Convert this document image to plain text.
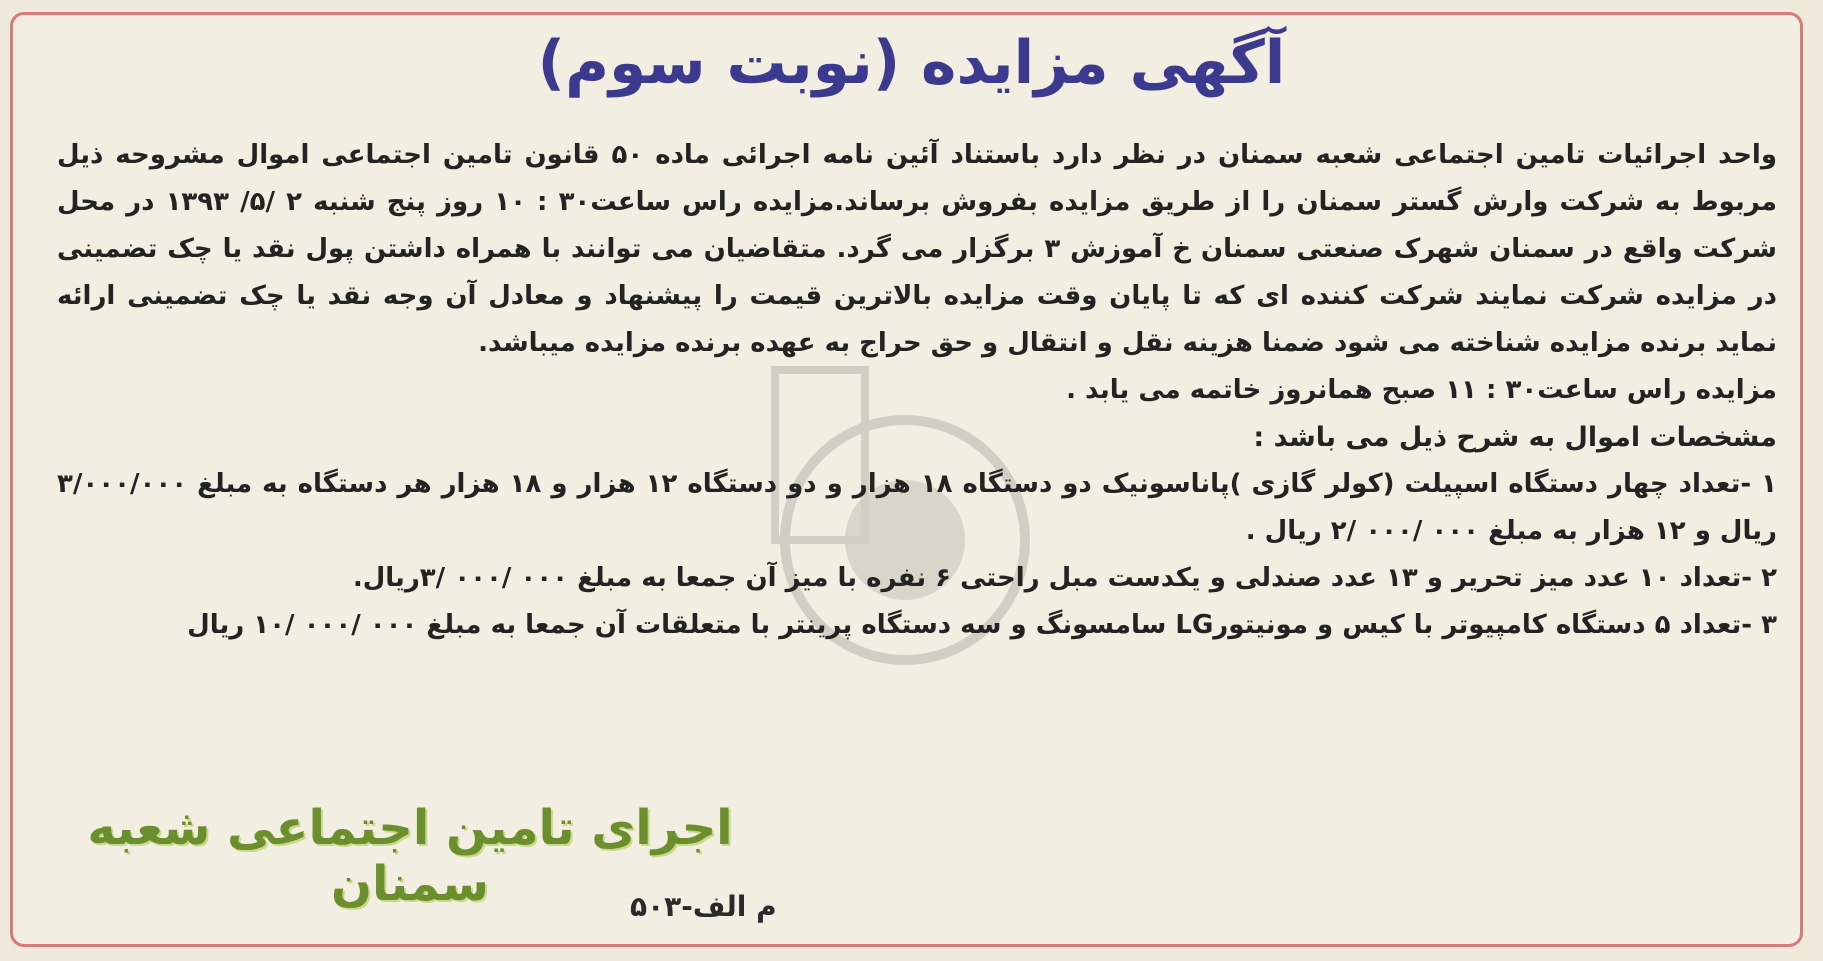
آگهی مزایده (نوبت سوم)

واحد اجرائیات تامین اجتماعی شعبه سمنان در نظر دارد باستناد آئین نامه اجرائی ماده ۵۰ قانون تامین اجتماعی اموال مشروحه ذیل مربوط به شرکت وارش گستر سمنان را از طریق مزایده بفروش برساند.مزایده راس ساعت۳۰ : ۱۰ روز پنج شنبه ۲ /۵/ ۱۳۹۳ در محل شرکت واقع در سمنان شهرک صنعتی سمنان خ آموزش ۳ برگزار می گرد. متقاضیان می توانند با همراه داشتن پول نقد یا چک تضمینی در مزایده شرکت نمایند شرکت کننده ای که تا پایان وقت مزایده بالاترین قیمت را پیشنهاد و معادل آن وجه نقد یا چک تضمینی ارائه نماید برنده مزایده شناخته می شود ضمنا هزینه نقل و انتقال و حق حراج به عهده برنده مزایده میباشد.

مزایده راس ساعت۳۰ : ۱۱ صبح همانروز خاتمه می یابد .

مشخصات اموال به شرح ذیل می باشد :

۱ -تعداد چهار دستگاه اسپیلت (کولر گازی )پاناسونیک دو دستگاه ۱۸ هزار و دو دستگاه ۱۲ هزار و ۱۸ هزار هر دستگاه به مبلغ ۳/۰۰۰/۰۰۰ ریال و ۱۲ هزار به مبلغ ۰۰۰ /۰۰۰ /۲ ریال .

۲ -تعداد ۱۰ عدد میز تحریر و ۱۳ عدد صندلی و یکدست مبل راحتی ۶ نفره با میز آن جمعا به مبلغ ۰۰۰ /۰۰۰ /۳ریال.

۳ -تعداد ۵ دستگاه کامپیوتر با کیس و مونیتورLG سامسونگ و سه دستگاه پرینتر با متعلقات آن جمعا به مبلغ ۰۰۰ /۰۰۰ /۱۰ ریال

اجرای تامین اجتماعی شعبه سمنان	م الف-۵۰۳
